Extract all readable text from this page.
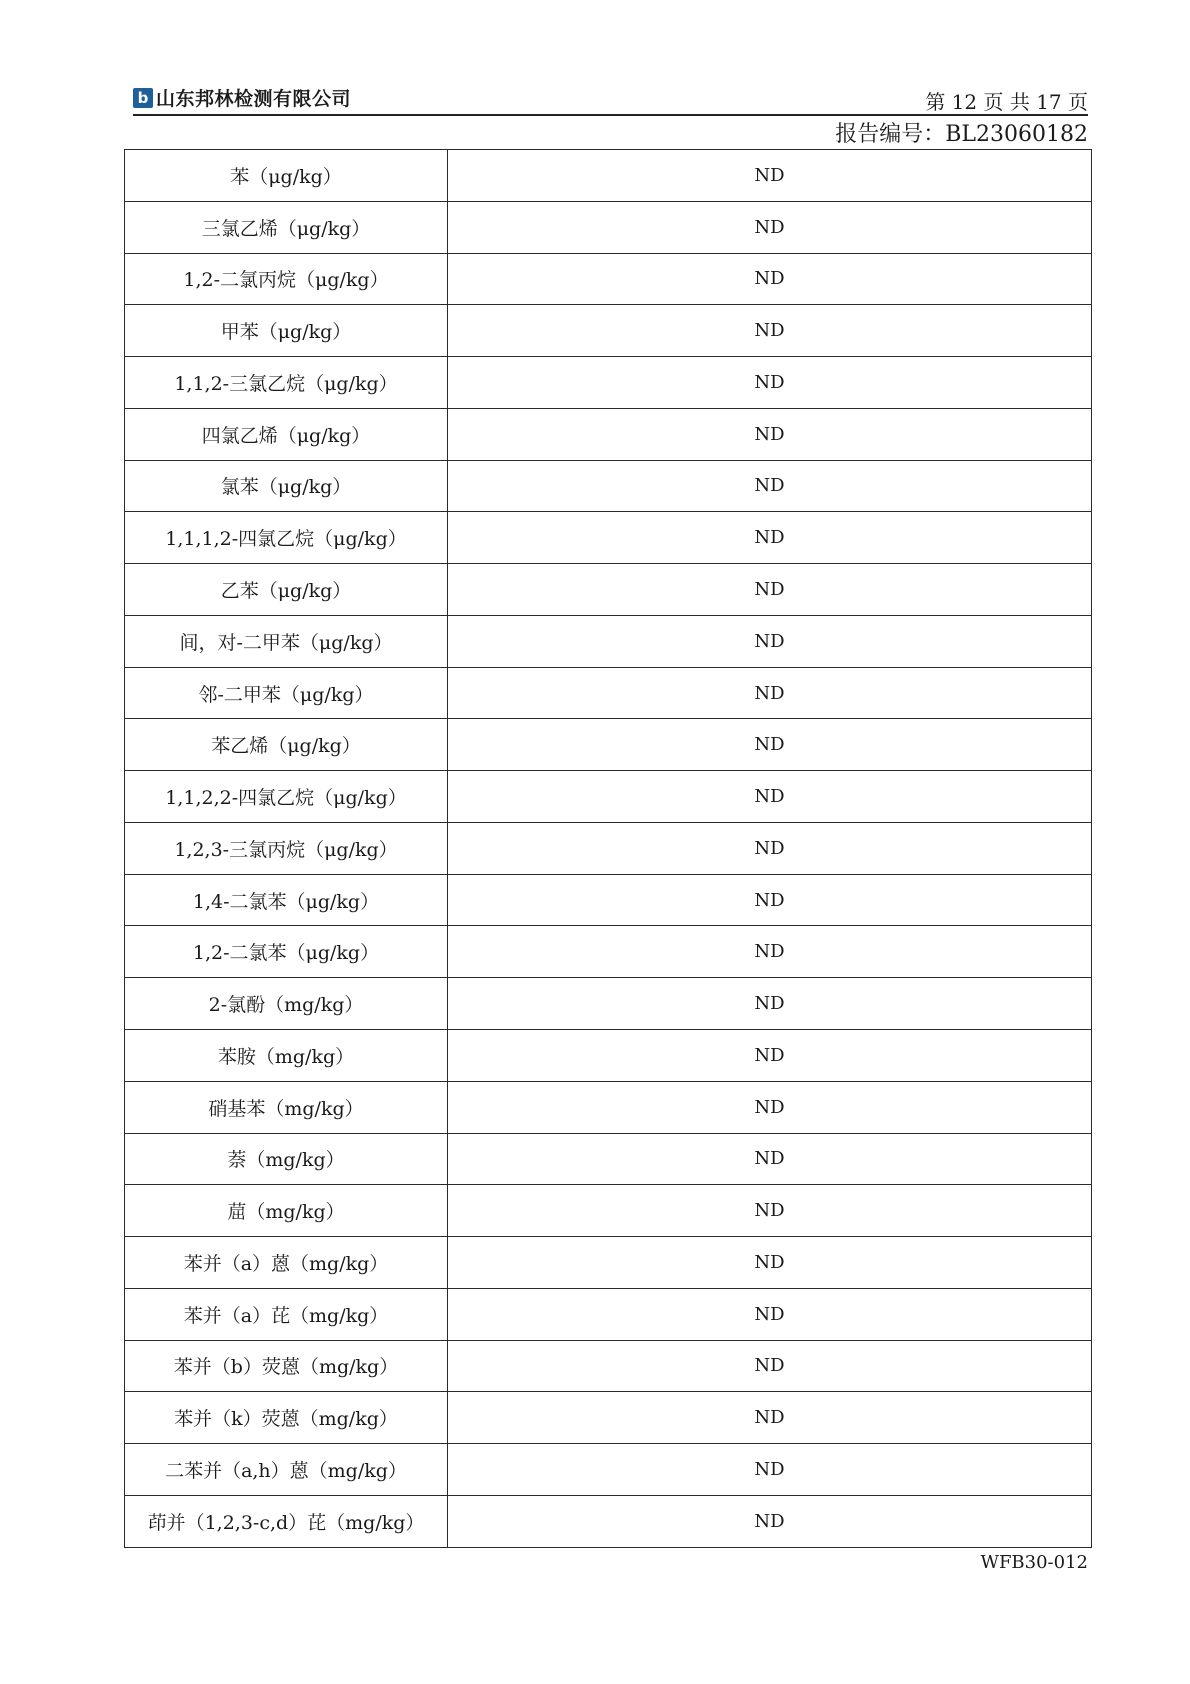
b 山东邦林检测有限公司	第 12 页 共 17 页
报告编号：BL23060182
苯（μg/kg）	ND
三氯乙烯（μg/kg）	ND
1,2-二氯丙烷（μg/kg）	ND
甲苯（μg/kg）	ND
1,1,2-三氯乙烷（μg/kg）	ND
四氯乙烯（μg/kg）	ND
氯苯（μg/kg）	ND
1,1,1,2-四氯乙烷（μg/kg）	ND
乙苯（μg/kg）	ND
间，对-二甲苯（μg/kg）	ND
邻-二甲苯（μg/kg）	ND
苯乙烯（μg/kg）	ND
1,1,2,2-四氯乙烷（μg/kg）	ND
1,2,3-三氯丙烷（μg/kg）	ND
1,4-二氯苯（μg/kg）	ND
1,2-二氯苯（μg/kg）	ND
2-氯酚（mg/kg）	ND
苯胺（mg/kg）	ND
硝基苯（mg/kg）	ND
萘（mg/kg）	ND
䓛（mg/kg）	ND
苯并（a）蒽（mg/kg）	ND
苯并（a）芘（mg/kg）	ND
苯并（b）荧蒽（mg/kg）	ND
苯并（k）荧蒽（mg/kg）	ND
二苯并（a,h）蒽（mg/kg）	ND
茚并（1,2,3-c,d）芘（mg/kg）	ND
WFB30-012
